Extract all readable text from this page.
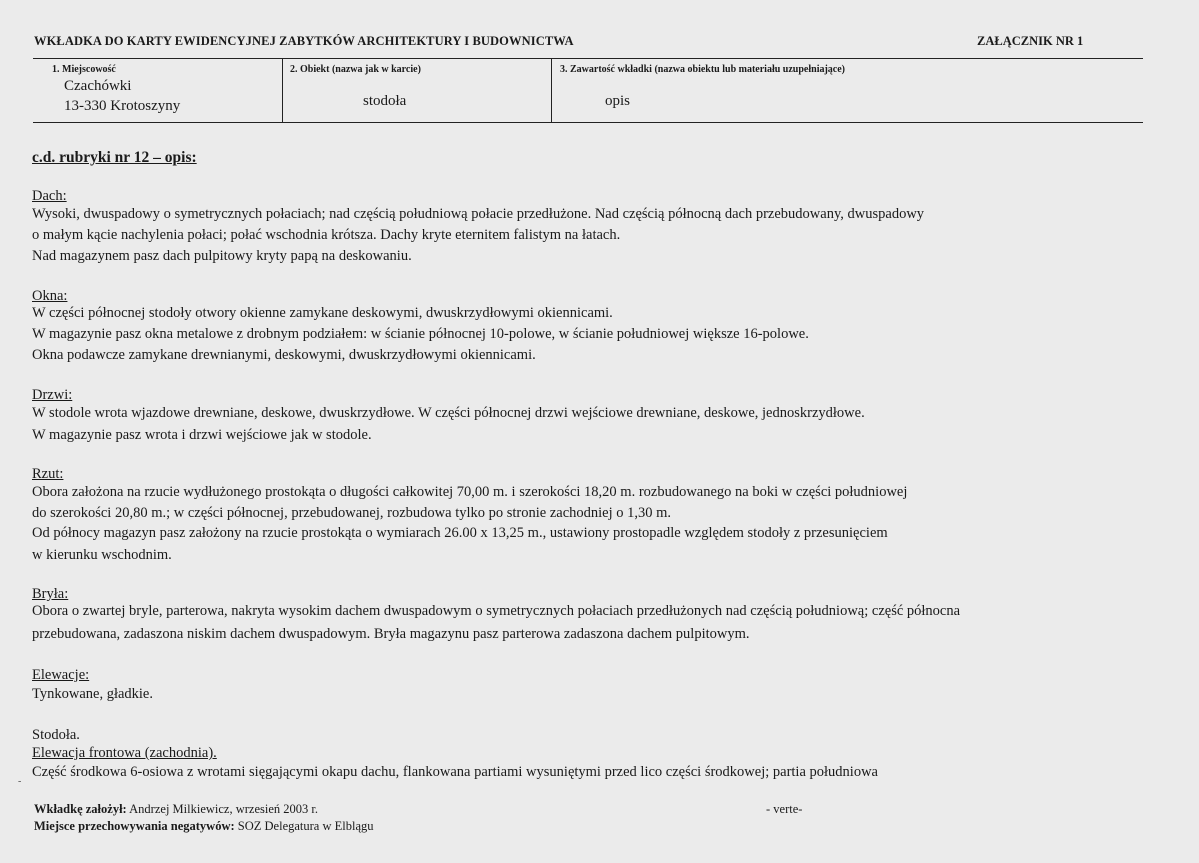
WKŁADKA DO KARTY EWIDENCYJNEJ ZABYTKÓW ARCHITEKTURY I BUDOWNICTWA	ZAŁĄCZNIK NR 1
1. Miejscowość
Czachówki
13-330 Krotoszyny
2. Obiekt (nazwa jak w karcie)
stodoła
3. Zawartość wkładki (nazwa obiektu lub materiału uzupełniające)
opis
c.d. rubryki nr 12 – opis:
Dach:
Wysoki, dwuspadowy o symetrycznych połaciach; nad częścią południową połacie przedłużone. Nad częścią północną dach przebudowany, dwuspadowy
o małym kącie nachylenia połaci; połać wschodnia krótsza. Dachy kryte eternitem falistym na łatach.
Nad magazynem pasz dach pulpitowy kryty papą na deskowaniu.
Okna:
W części północnej stodoły otwory okienne zamykane deskowymi, dwuskrzydłowymi okiennicami.
W magazynie pasz okna metalowe z drobnym podziałem: w ścianie północnej 10-polowe, w ścianie południowej większe 16-polowe.
Okna podawcze zamykane drewnianymi, deskowymi, dwuskrzydłowymi okiennicami.
Drzwi:
W stodole wrota wjazdowe drewniane, deskowe, dwuskrzydłowe. W części północnej drzwi wejściowe drewniane, deskowe, jednoskrzydłowe.
W magazynie pasz wrota i drzwi wejściowe jak w stodole.
Rzut:
Obora założona na rzucie wydłużonego prostokąta o długości całkowitej 70,00 m. i szerokości 18,20 m. rozbudowanego na boki w części południowej
do szerokości 20,80 m.; w części północnej, przebudowanej, rozbudowa tylko po stronie zachodniej o 1,30 m.
Od północy magazyn pasz założony na rzucie prostokąta o wymiarach 26.00 x 13,25 m., ustawiony prostopadle względem stodoły z przesunięciem
w kierunku wschodnim.
Bryła:
Obora o zwartej bryle, parterowa, nakryta wysokim dachem dwuspadowym o symetrycznych połaciach przedłużonych nad częścią południową; część północna
przebudowana, zadaszona niskim dachem dwuspadowym. Bryła magazynu pasz parterowa zadaszona dachem pulpitowym.
Elewacje:
Tynkowane, gładkie.
Stodoła.
Elewacja frontowa (zachodnia).
Część środkowa 6-osiowa z wrotami sięgającymi okapu dachu, flankowana partiami wysuniętymi przed lico części środkowej; partia południowa
-
Wkładkę założył: Andrzej Milkiewicz, wrzesień 2003 r.	- verte-
Miejsce przechowywania negatywów: SOZ Delegatura w Elblągu
